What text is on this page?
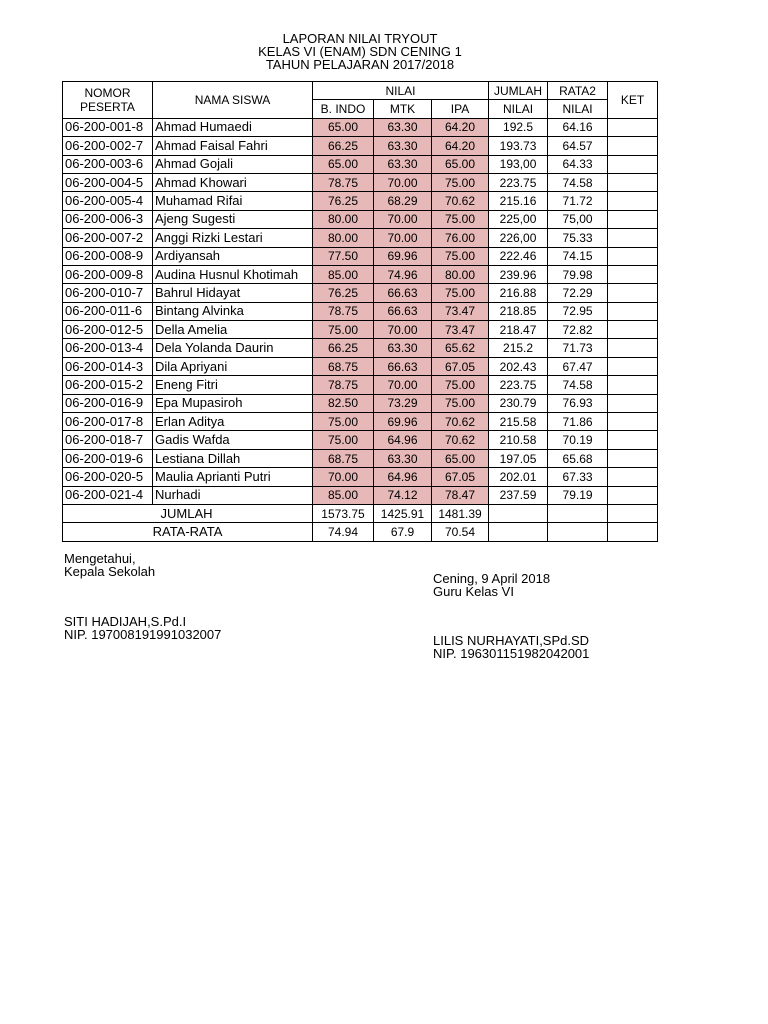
LAPORAN NILAI TRYOUT
KELAS VI (ENAM) SDN CENING 1
TAHUN PELAJARAN 2017/2018
NOMOR
PESERTA	NAMA SISWA	NILAI			JUMLAH	RATA2	KET
		B. INDO	MTK	IPA	NILAI	NILAI	
06-200-001-8	Ahmad Humaedi	65.00	63.30	64.20	192.5	64.16	
06-200-002-7	Ahmad Faisal Fahri	66.25	63.30	64.20	193.73	64.57	
06-200-003-6	Ahmad Gojali	65.00	63.30	65.00	193,00	64.33	
06-200-004-5	Ahmad Khowari	78.75	70.00	75.00	223.75	74.58	
06-200-005-4	Muhamad Rifai	76.25	68.29	70.62	215.16	71.72	
06-200-006-3	Ajeng Sugesti	80.00	70.00	75.00	225,00	75,00	
06-200-007-2	Anggi Rizki Lestari	80.00	70.00	76.00	226,00	75.33	
06-200-008-9	Ardiyansah	77.50	69.96	75.00	222.46	74.15	
06-200-009-8	Audina Husnul Khotimah	85.00	74.96	80.00	239.96	79.98	
06-200-010-7	Bahrul Hidayat	76.25	66.63	75.00	216.88	72.29	
06-200-011-6	Bintang Alvinka	78.75	66.63	73.47	218.85	72.95	
06-200-012-5	Della Amelia	75.00	70.00	73.47	218.47	72.82	
06-200-013-4	Dela Yolanda Daurin	66.25	63.30	65.62	215.2	71.73	
06-200-014-3	Dila Apriyani	68.75	66.63	67.05	202.43	67.47	
06-200-015-2	Eneng Fitri	78.75	70.00	75.00	223.75	74.58	
06-200-016-9	Epa Mupasiroh	82.50	73.29	75.00	230.79	76.93	
06-200-017-8	Erlan Aditya	75.00	69.96	70.62	215.58	71.86	
06-200-018-7	Gadis Wafda	75.00	64.96	70.62	210.58	70.19	
06-200-019-6	Lestiana Dillah	68.75	63.30	65.00	197.05	65.68	
06-200-020-5	Maulia Aprianti Putri	70.00	64.96	67.05	202.01	67.33	
06-200-021-4	Nurhadi	85.00	74.12	78.47	237.59	79.19	
	JUMLAH	1573.75	1425.91	1481.39			
RATA-RATA		74.94	67.9	70.54			
Mengetahui,
Kepala Sekolah
SITI HADIJAH,S.Pd.I
NIP. 197008191991032007
Cening, 9 April 2018
Guru Kelas VI
LILIS NURHAYATI,SPd.SD
NIP. 196301151982042001
